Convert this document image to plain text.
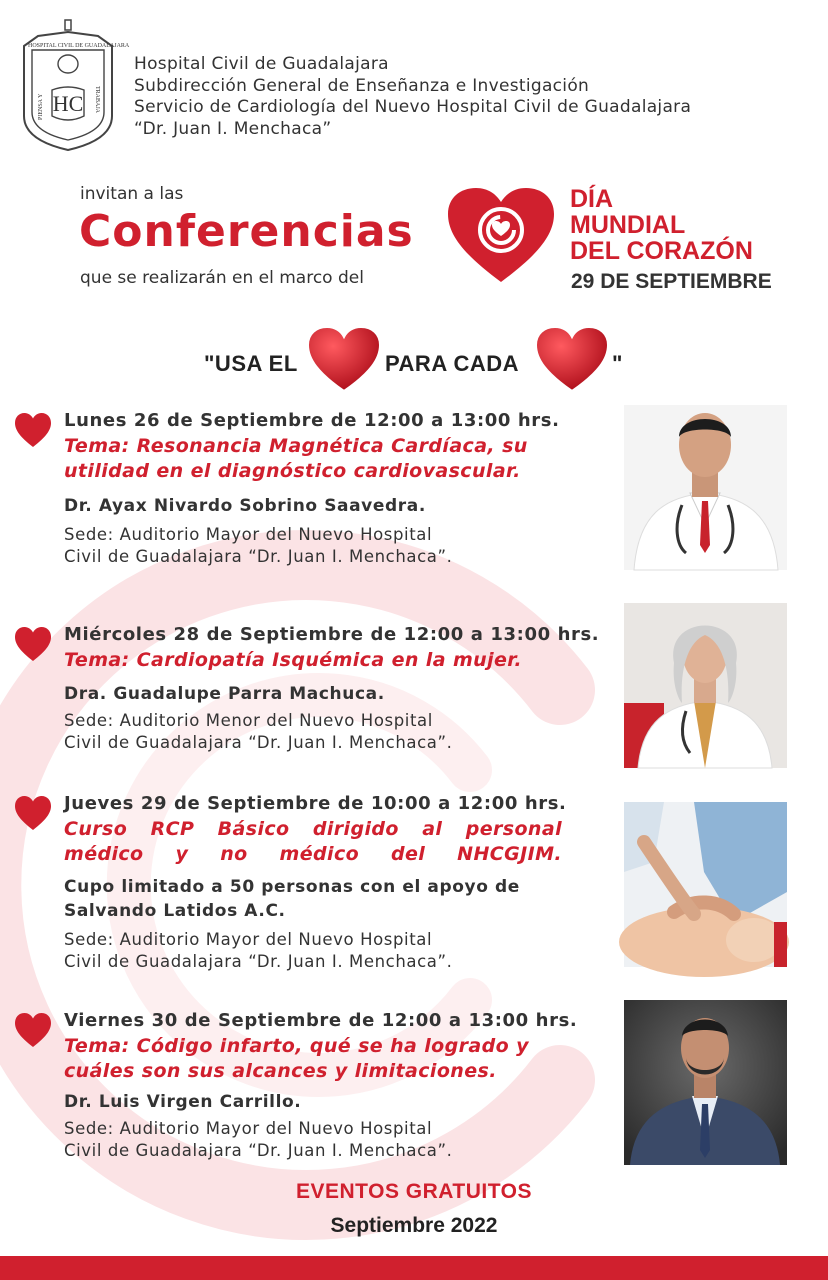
HC
HOSPITAL CIVIL DE GUADALAJARA
PIENSA Y	TRABAJA
Hospital Civil de Guadalajara
Subdirección General de Enseñanza e Investigación
Servicio de Cardiología del Nuevo Hospital Civil de Guadalajara
“Dr. Juan I. Menchaca”
invitan a las
Conferencias
que se realizarán en el marco del
DÍA
MUNDIAL
DEL CORAZÓN
29 DE SEPTIEMBRE
"USA EL	PARA CADA	"
Lunes 26 de Septiembre de 12:00 a 13:00 hrs.
Tema: Resonancia Magnética Cardíaca, su utilidad en el diagnóstico cardiovascular.
Dr. Ayax Nivardo Sobrino Saavedra.
Sede: Auditorio Mayor del Nuevo Hospital
Civil de Guadalajara “Dr. Juan I. Menchaca”.
Miércoles 28 de Septiembre de 12:00 a 13:00 hrs.
Tema: Cardiopatía Isquémica en la mujer.
Dra. Guadalupe Parra Machuca.
Sede: Auditorio Menor del Nuevo Hospital
Civil de Guadalajara “Dr. Juan I. Menchaca”.
Jueves 29 de Septiembre de 10:00 a 12:00 hrs.
Curso RCP Básico dirigido al personal médico y no médico del NHCGJIM.
Cupo limitado a 50 personas con el apoyo de Salvando Latidos A.C.
Sede: Auditorio Mayor del Nuevo Hospital
Civil de Guadalajara “Dr. Juan I. Menchaca”.
Viernes 30 de Septiembre de 12:00 a 13:00 hrs.
Tema: Código infarto, qué se ha logrado y cuáles son sus alcances y limitaciones.
Dr. Luis Virgen Carrillo.
Sede: Auditorio Mayor del Nuevo Hospital
Civil de Guadalajara “Dr. Juan I. Menchaca”.
EVENTOS GRATUITOS
Septiembre 2022
